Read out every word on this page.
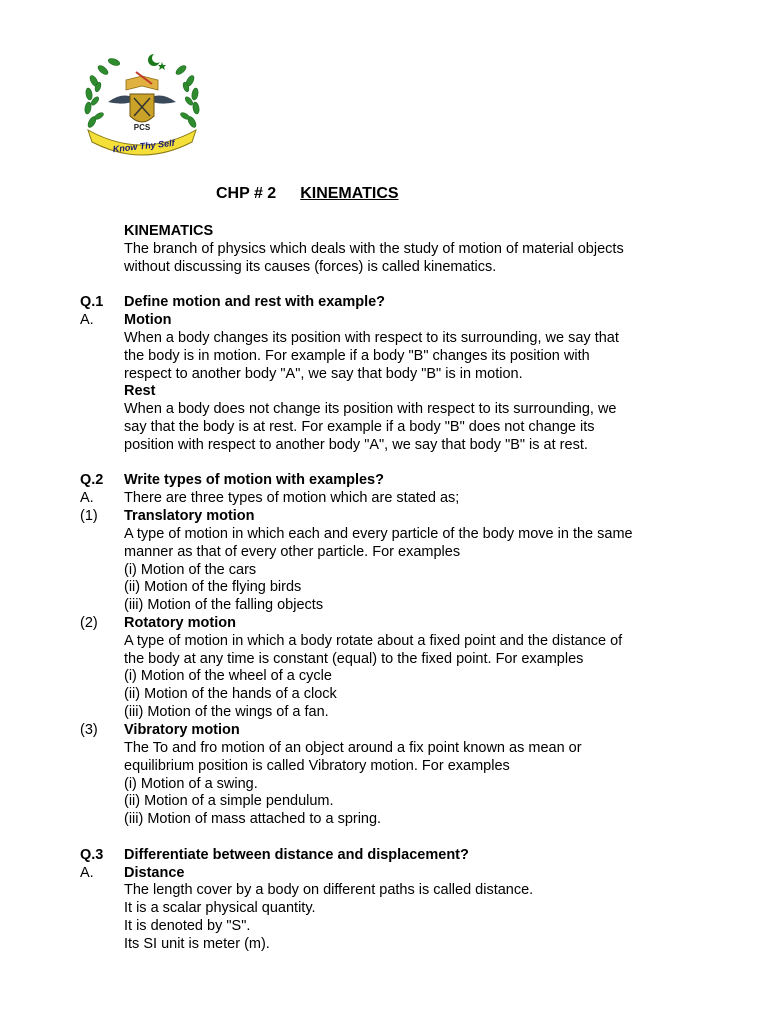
PCS
Know Thy Self
CHP # 2 KINEMATICS
KINEMATICS
The branch of physics which deals with the study of motion of material objects
without discussing its causes (forces) is called kinematics.
Q.1 Define motion and rest with example?
A. Motion
When a body changes its position with respect to its surrounding, we say that
the body is in motion. For example if a body "B" changes its position with
respect to another body "A", we say that body "B" is in motion.
Rest
When a body does not change its position with respect to its surrounding, we
say that the body is at rest. For example if a body "B" does not change its
position with respect to another body "A", we say that body "B" is at rest.
Q.2 Write types of motion with examples?
A. There are three types of motion which are stated as;
(1) Translatory motion
A type of motion in which each and every particle of the body move in the same
manner as that of every other particle. For examples
(i) Motion of the cars
(ii) Motion of the flying birds
(iii) Motion of the falling objects
(2) Rotatory motion
A type of motion in which a body rotate about a fixed point and the distance of
the body at any time is constant (equal) to the fixed point. For examples
(i) Motion of the wheel of a cycle
(ii) Motion of the hands of a clock
(iii) Motion of the wings of a fan.
(3) Vibratory motion
The To and fro motion of an object around a fix point known as mean or
equilibrium position is called Vibratory motion. For examples
(i) Motion of a swing.
(ii) Motion of a simple pendulum.
(iii) Motion of mass attached to a spring.
Q.3 Differentiate between distance and displacement?
A. Distance
The length cover by a body on different paths is called distance.
It is a scalar physical quantity.
It is denoted by "S".
Its SI unit is meter (m).
